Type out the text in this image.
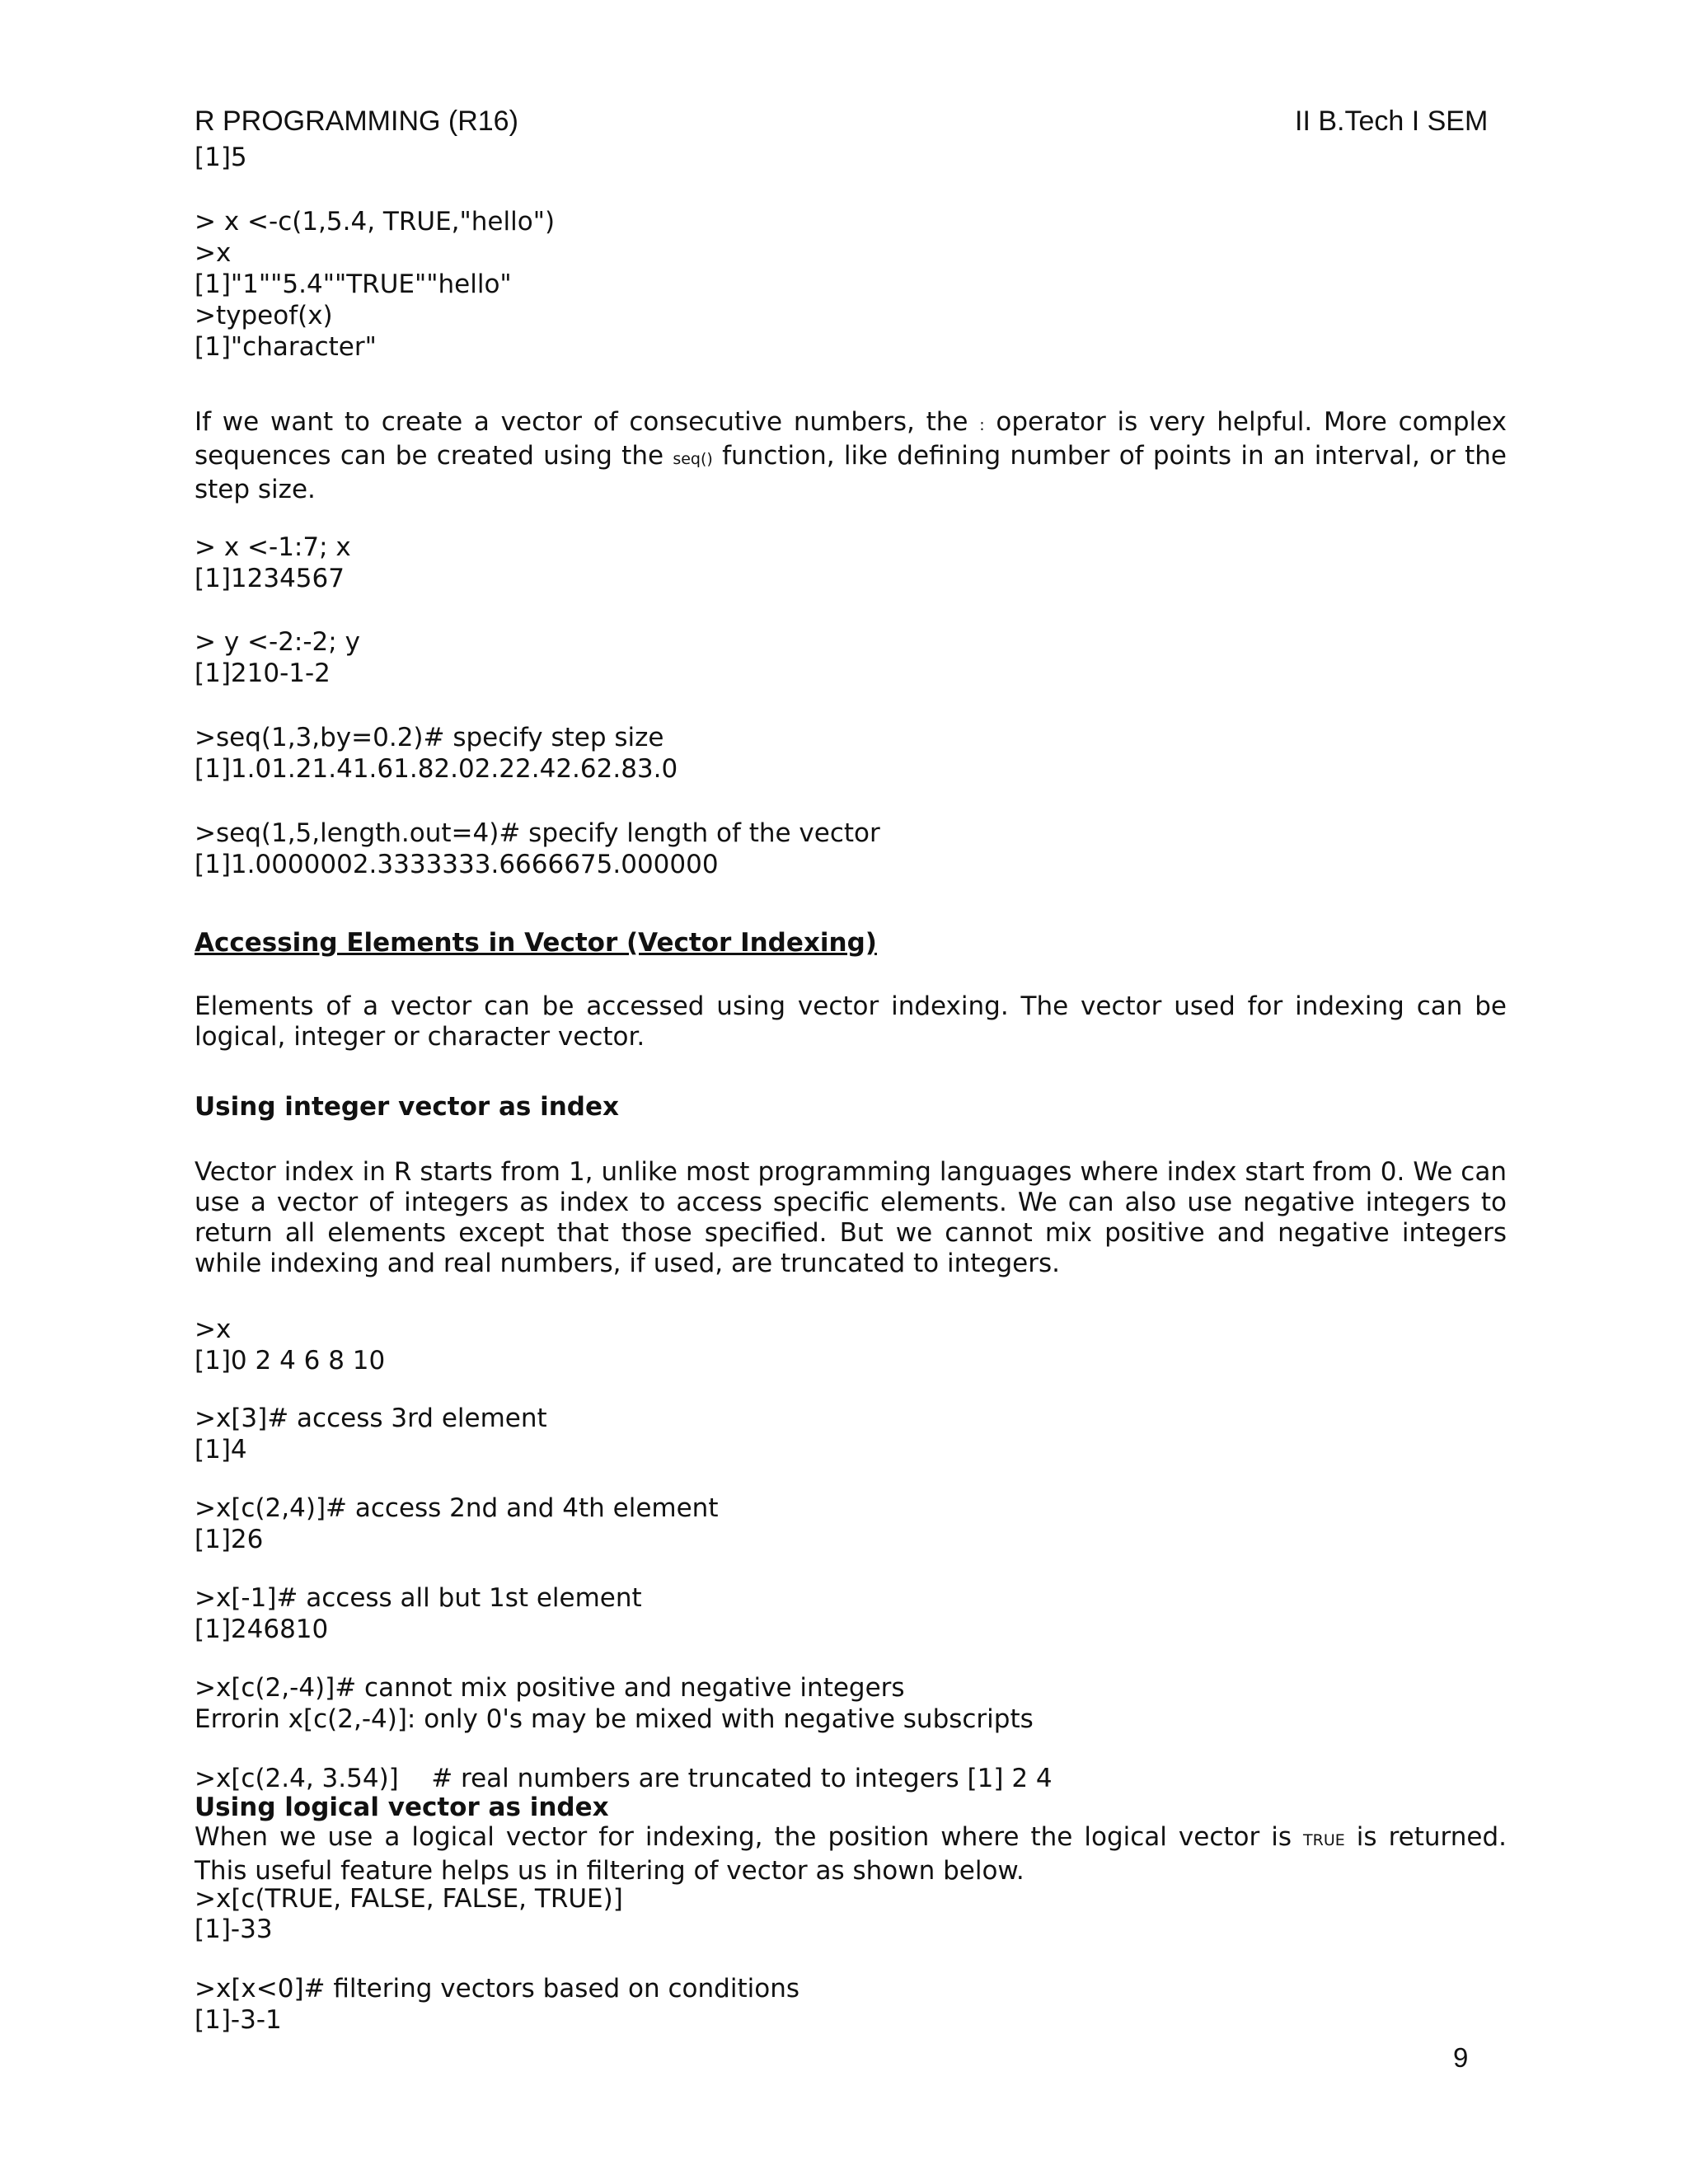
R PROGRAMMING (R16)	II B.Tech I SEM
[1]5
> x <-c(1,5.4, TRUE,"hello")
>x
[1]"1""5.4""TRUE""hello"
>typeof(x)
[1]"character"
If we want to create a vector of consecutive numbers, the : operator is very helpful. More complex sequences can be created using the seq() function, like defining number of points in an interval, or the step size.
> x <-1:7; x
[1]1234567
> y <-2:-2; y
[1]210-1-2
>seq(1,3,by=0.2)# specify step size
[1]1.01.21.41.61.82.02.22.42.62.83.0
>seq(1,5,length.out=4)# specify length of the vector
[1]1.0000002.3333333.6666675.000000
Accessing Elements in Vector (Vector Indexing)
Elements of a vector can be accessed using vector indexing. The vector used for indexing can be logical, integer or character vector.
Using integer vector as index
Vector index in R starts from 1, unlike most programming languages where index start from 0. We can use a vector of integers as index to access specific elements. We can also use negative integers to return all elements except that those specified. But we cannot mix positive and negative integers while indexing and real numbers, if used, are truncated to integers.
>x
[1]0 2 4 6 8 10
>x[3]# access 3rd element
[1]4
>x[c(2,4)]# access 2nd and 4th element
[1]26
>x[-1]# access all but 1st element
[1]246810
>x[c(2,-4)]# cannot mix positive and negative integers
Errorin x[c(2,-4)]: only 0's may be mixed with negative subscripts
>x[c(2.4, 3.54)]    # real numbers are truncated to integers [1] 2 4
Using logical vector as index
When we use a logical vector for indexing, the position where the logical vector is TRUE is returned. This useful feature helps us in filtering of vector as shown below.
>x[c(TRUE, FALSE, FALSE, TRUE)]
[1]-33
>x[x<0]# filtering vectors based on conditions
[1]-3-1
9
